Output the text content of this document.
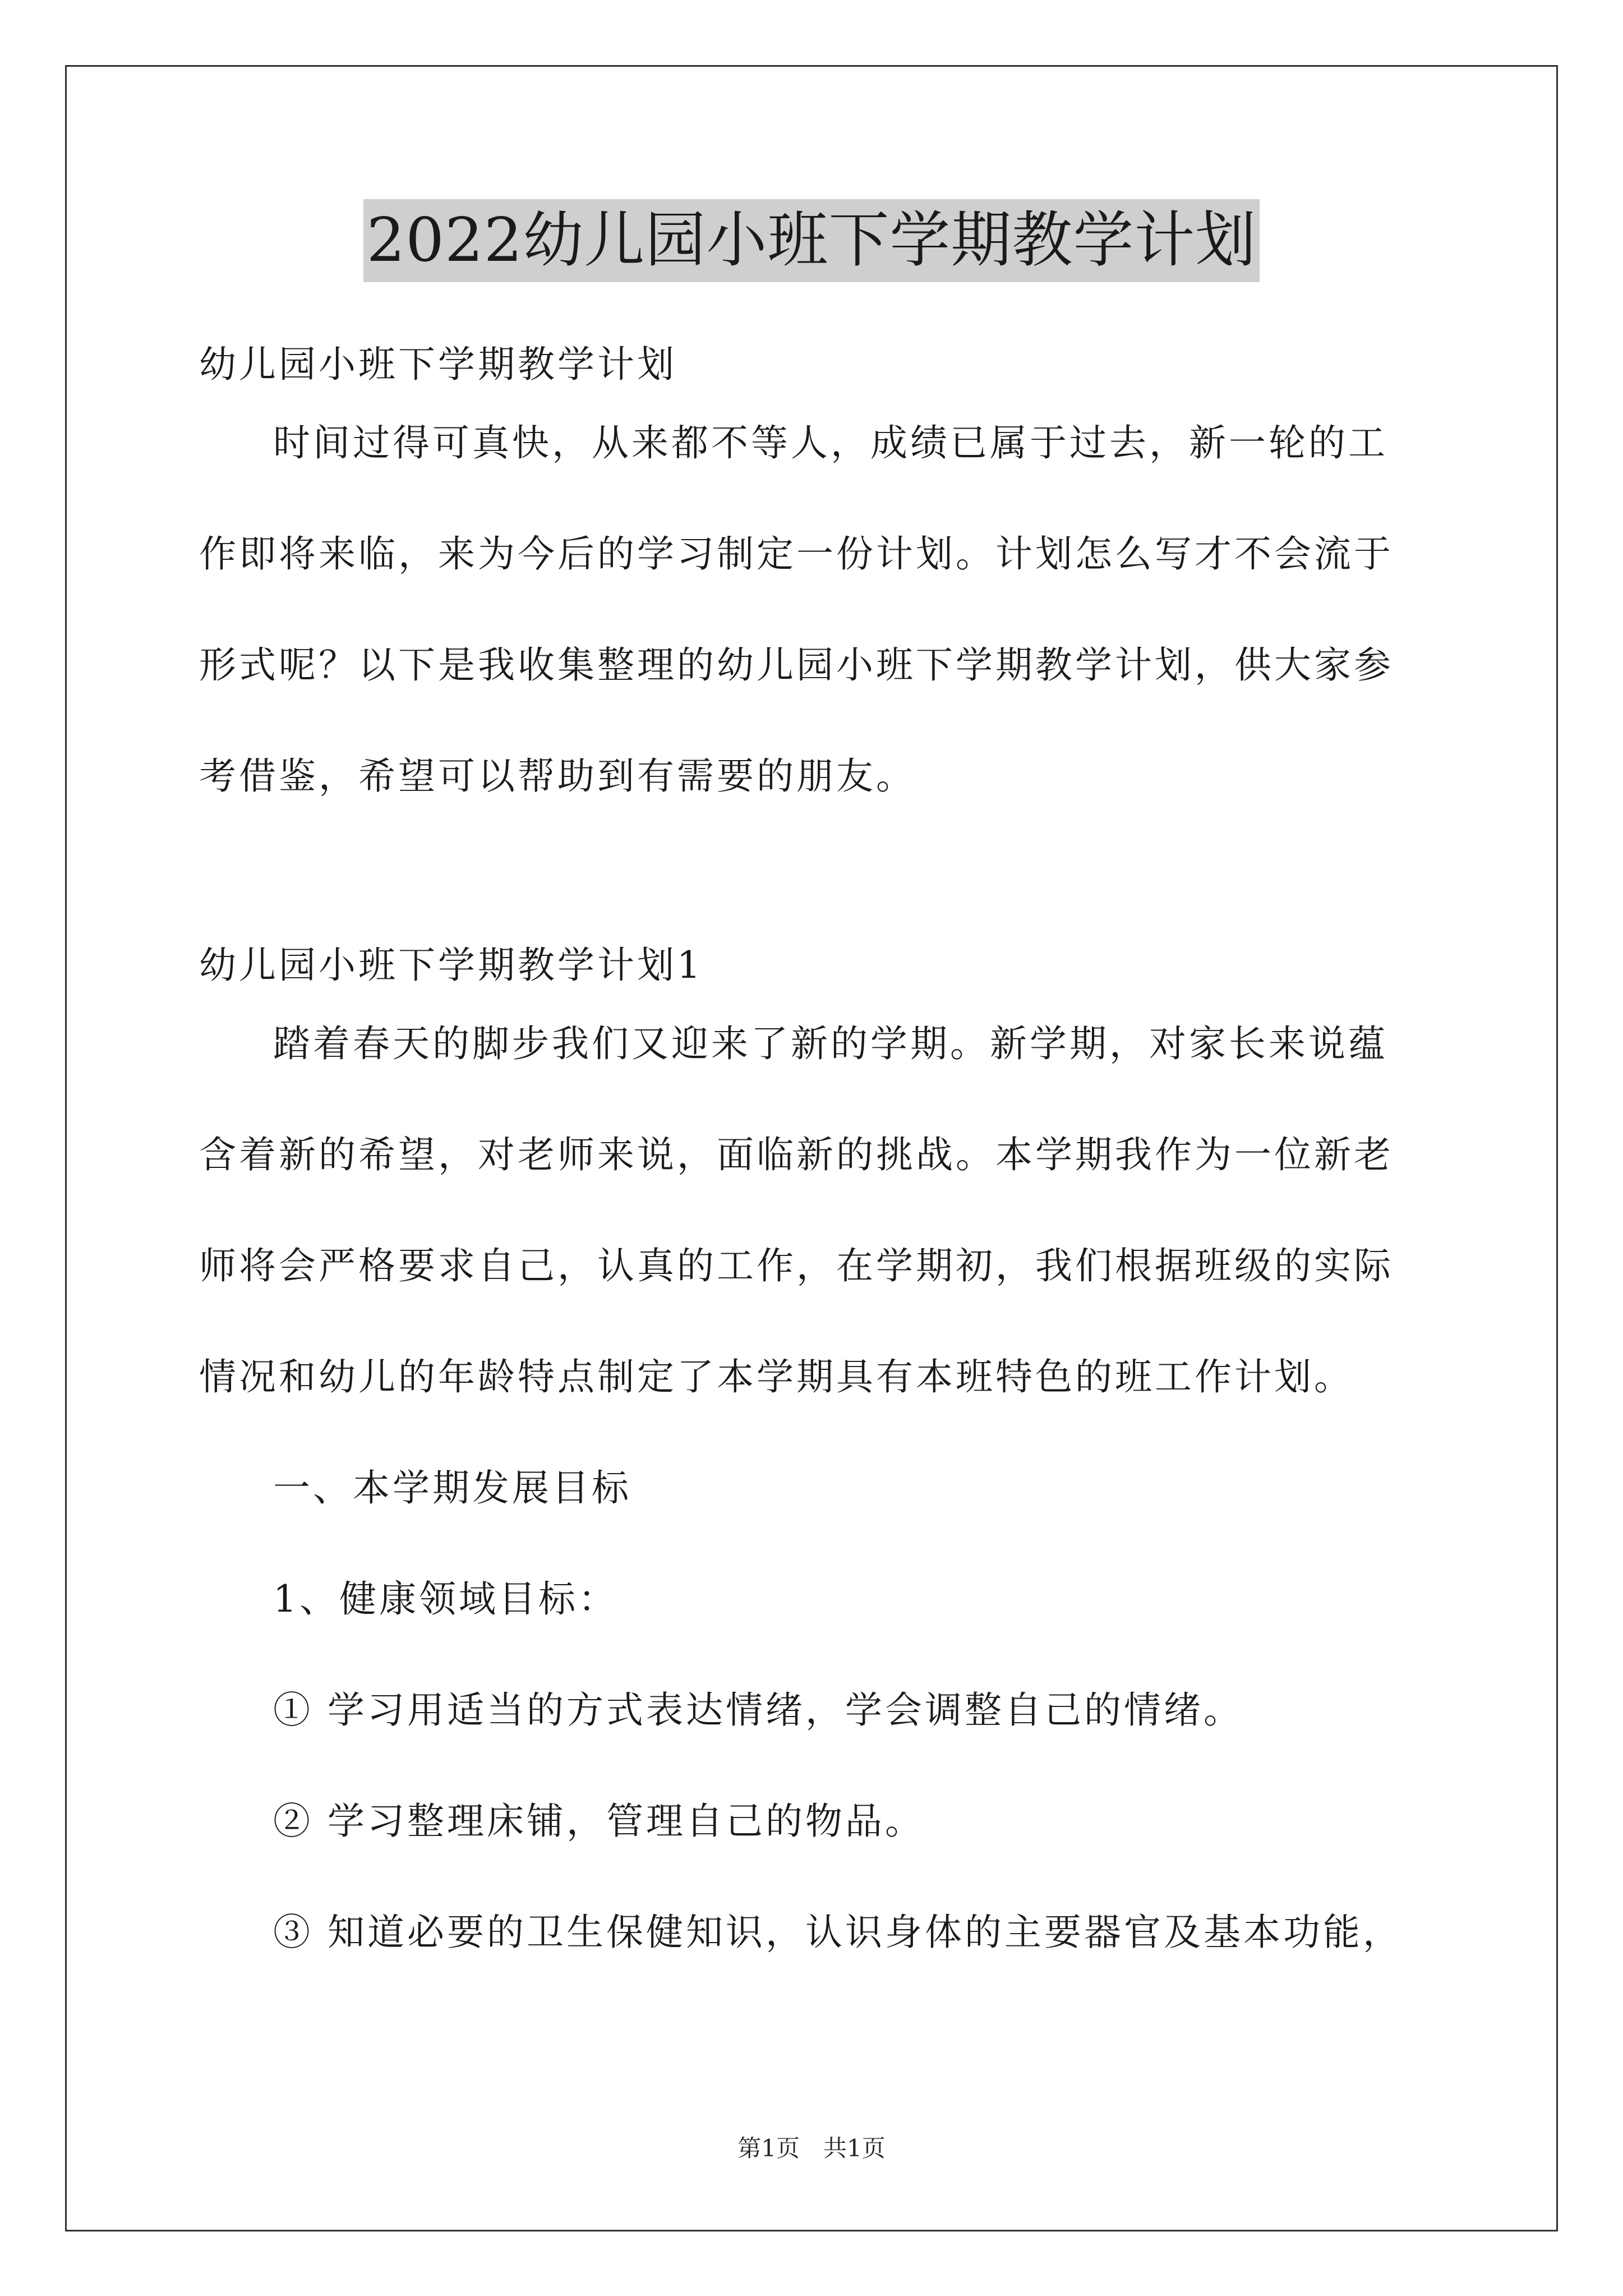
2022幼儿园小班下学期教学计划

幼儿园小班下学期教学计划

时间过得可真快，从来都不等人，成绩已属于过去，新一轮的工

作即将来临，来为今后的学习制定一份计划。计划怎么写才不会流于

形式呢？以下是我收集整理的幼儿园小班下学期教学计划，供大家参

考借鉴，希望可以帮助到有需要的朋友。

幼儿园小班下学期教学计划1

踏着春天的脚步我们又迎来了新的学期。新学期，对家长来说蕴

含着新的希望，对老师来说，面临新的挑战。本学期我作为一位新老

师将会严格要求自己，认真的工作，在学期初，我们根据班级的实际

情况和幼儿的年龄特点制定了本学期具有本班特色的班工作计划。

一、本学期发展目标

1、健康领域目标：

① 学习用适当的方式表达情绪，学会调整自己的情绪。

② 学习整理床铺，管理自己的物品。

③ 知道必要的卫生保健知识，认识身体的主要器官及基本功能，

第1页　共1页
